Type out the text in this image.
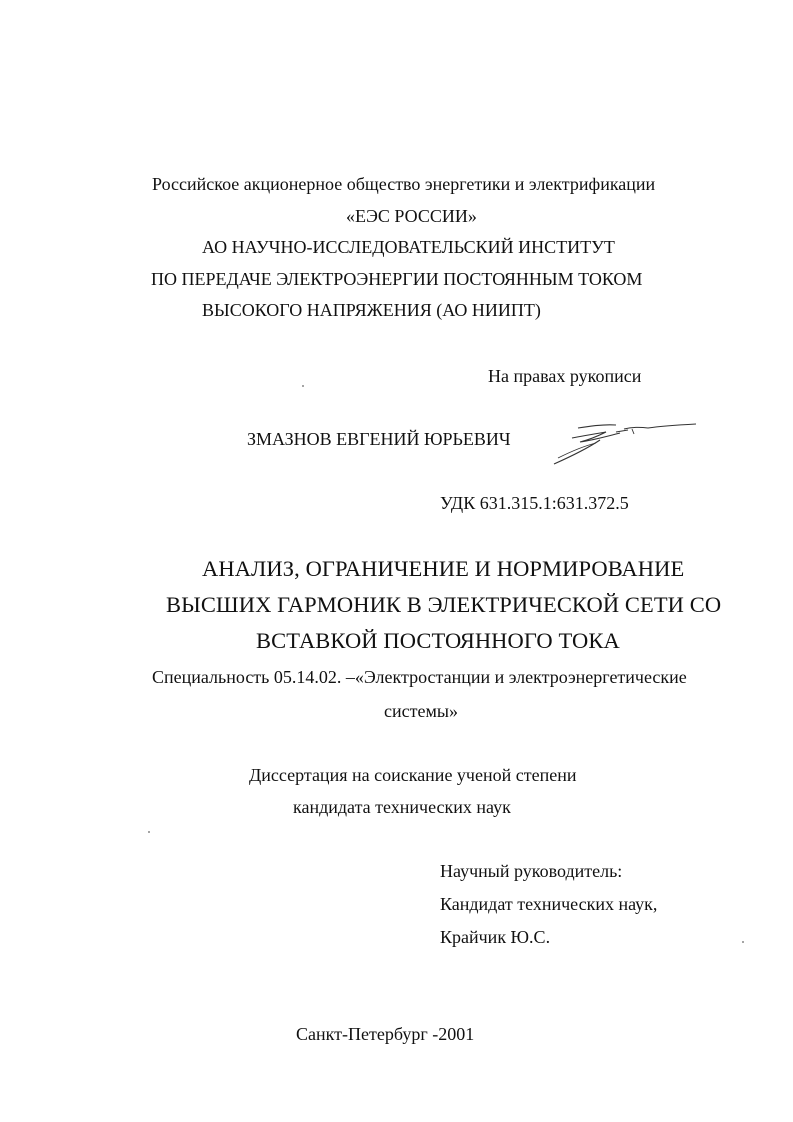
Российское акционерное общество энергетики и электрификации
«ЕЭС РОССИИ»
АО НАУЧНО-ИССЛЕДОВАТЕЛЬСКИЙ ИНСТИТУТ
ПО ПЕРЕДАЧЕ ЭЛЕКТРОЭНЕРГИИ ПОСТОЯННЫМ ТОКОМ
ВЫСОКОГО НАПРЯЖЕНИЯ (АО НИИПТ)
На правах рукописи
ЗМАЗНОВ ЕВГЕНИЙ ЮРЬЕВИЧ
УДК 631.315.1:631.372.5
АНАЛИЗ, ОГРАНИЧЕНИЕ И НОРМИРОВАНИЕ
ВЫСШИХ ГАРМОНИК В ЭЛЕКТРИЧЕСКОЙ СЕТИ СО
ВСТАВКОЙ ПОСТОЯННОГО ТОКА
Специальность 05.14.02. –«Электростанции и электроэнергетические
системы»
Диссертация на соискание ученой степени
кандидата технических наук
Научный руководитель:
Кандидат технических наук,
Крайчик Ю.С.
Санкт-Петербург -2001
